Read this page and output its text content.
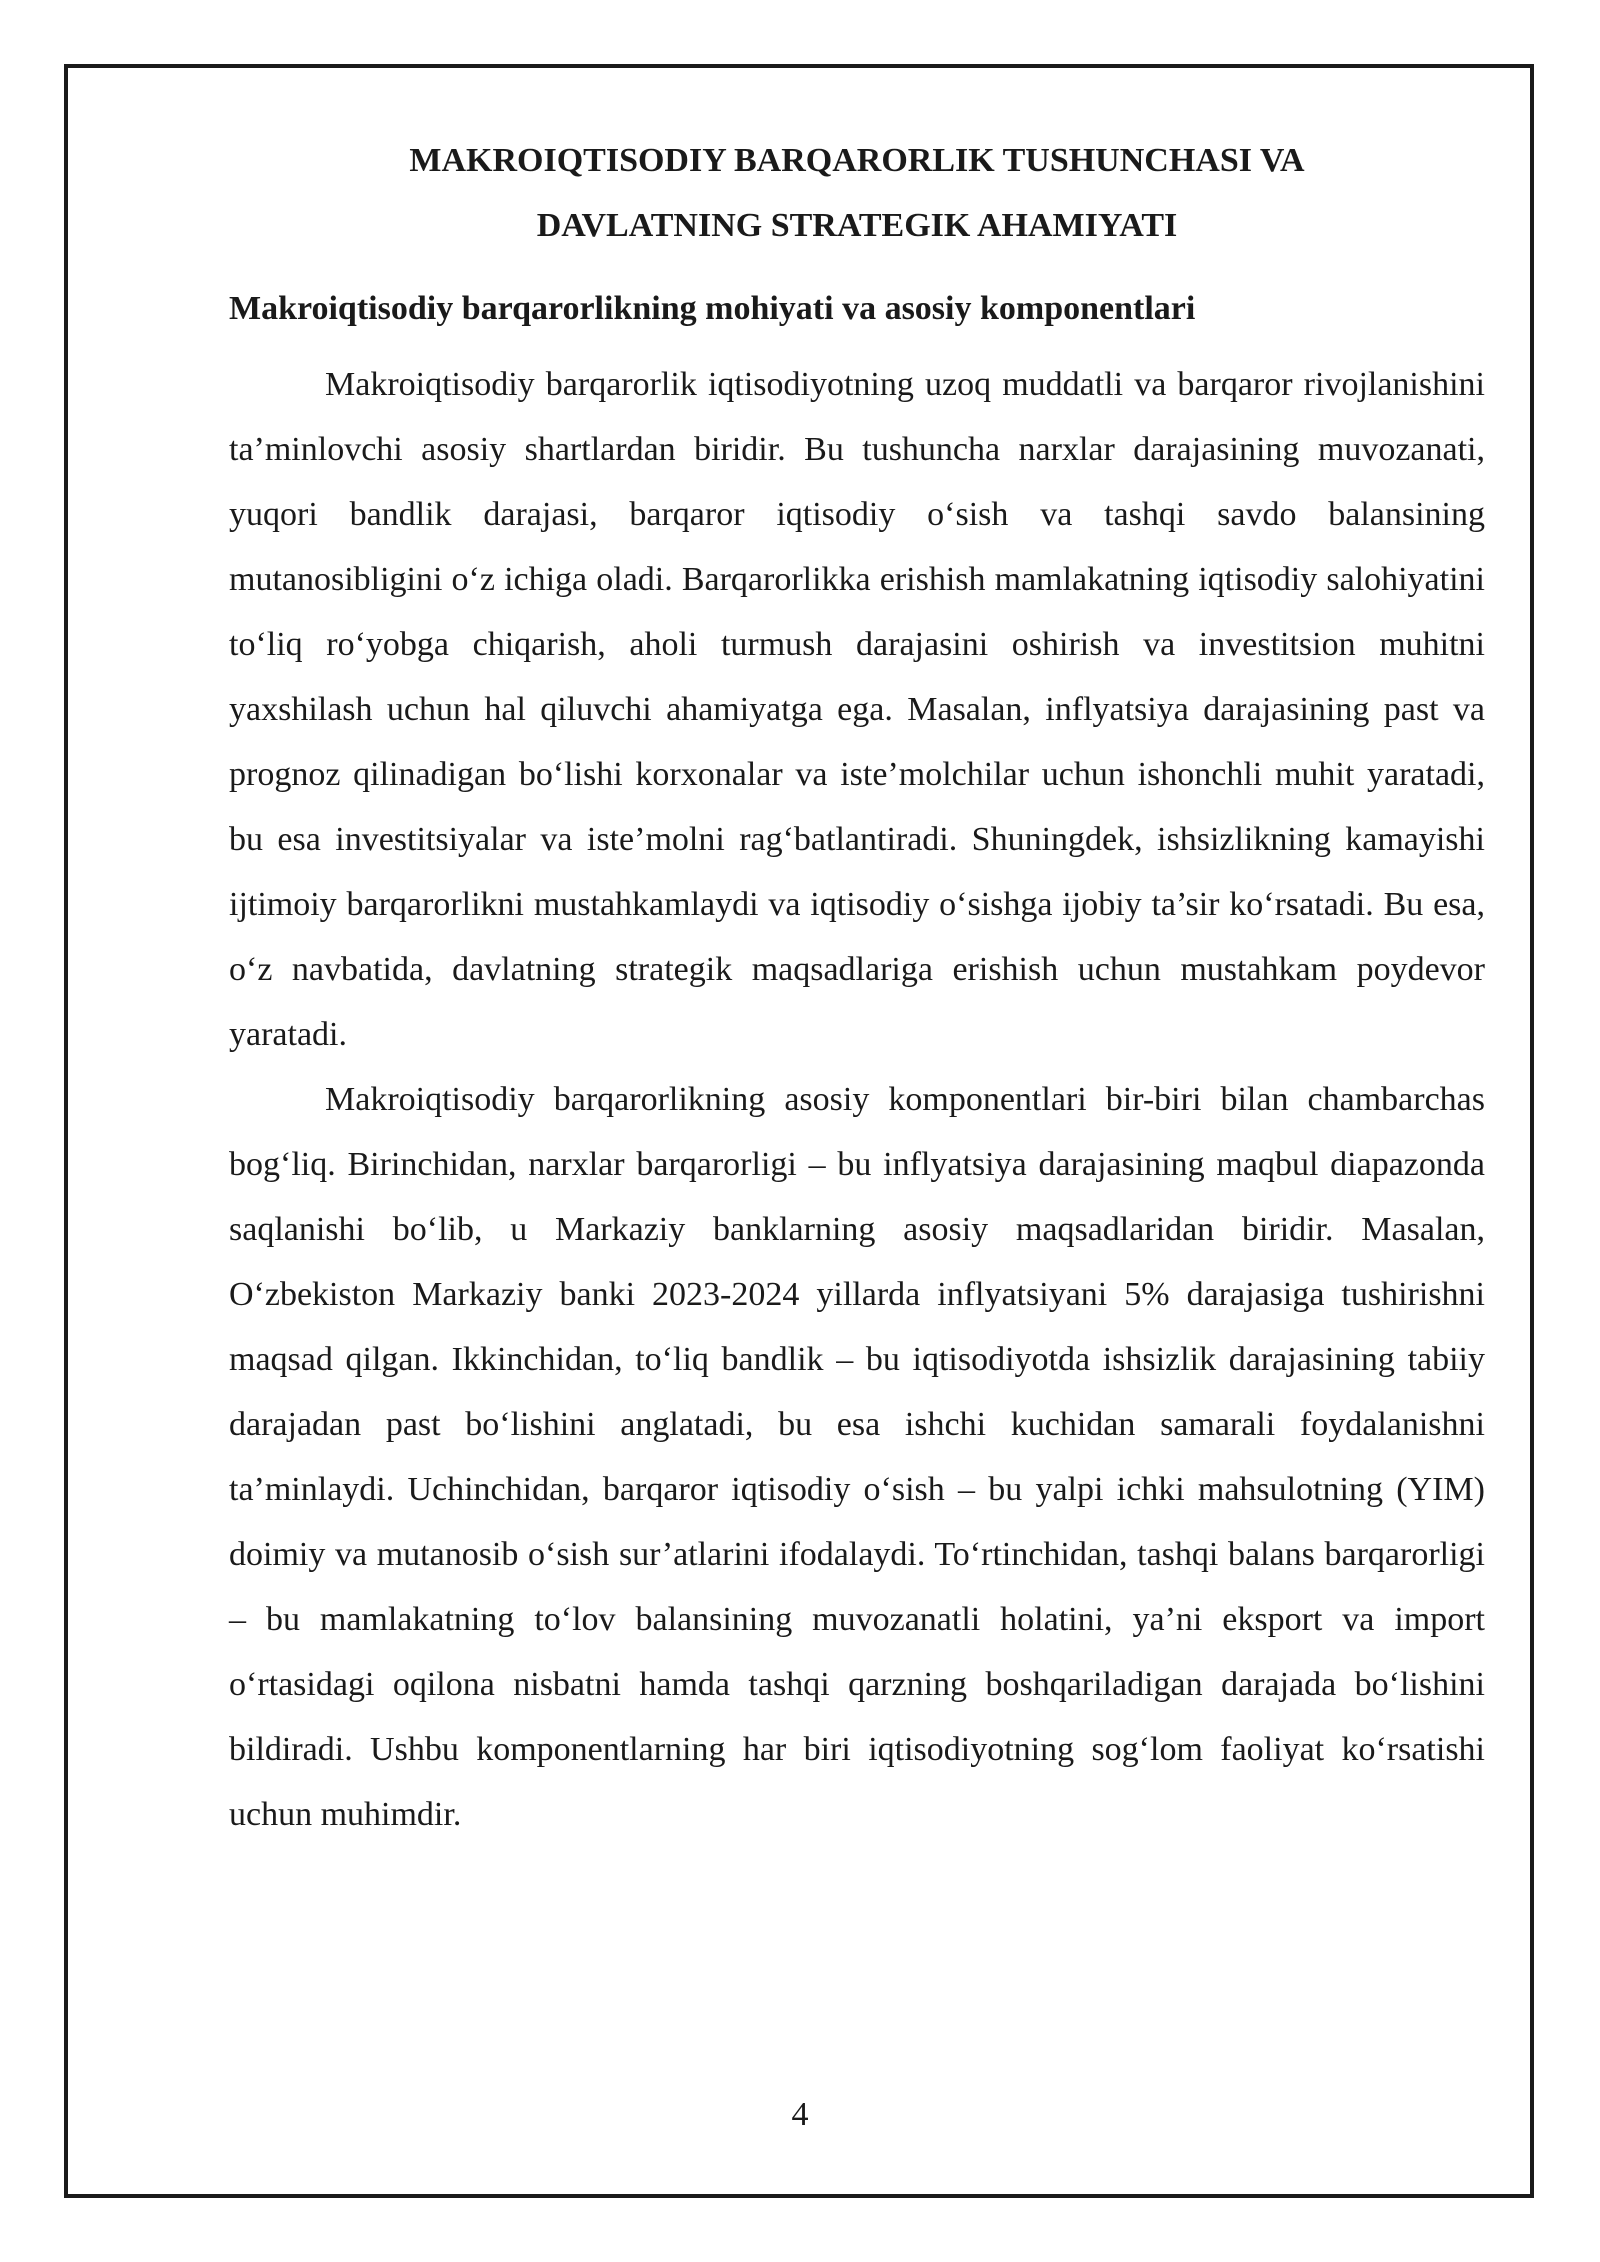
MAKROIQTISODIY BARQARORLIK TUSHUNCHASI VA
DAVLATNING STRATEGIK AHAMIYATI
Makroiqtisodiy barqarorlikning mohiyati va asosiy komponentlari

Makroiqtisodiy barqarorlik iqtisodiyotning uzoq muddatli va barqaror rivojlanishini ta’minlovchi asosiy shartlardan biridir. Bu tushuncha narxlar darajasining muvozanati, yuqori bandlik darajasi, barqaror iqtisodiy o‘sish va tashqi savdo balansining mutanosibligini o‘z ichiga oladi. Barqarorlikka erishish mamlakatning iqtisodiy salohiyatini to‘liq ro‘yobga chiqarish, aholi turmush darajasini oshirish va investitsion muhitni yaxshilash uchun hal qiluvchi ahamiyatga ega. Masalan, inflyatsiya darajasining past va prognoz qilinadigan bo‘lishi korxonalar va iste’molchilar uchun ishonchli muhit yaratadi, bu esa investitsiyalar va iste’molni rag‘batlantiradi. Shuningdek, ishsizlikning kamayishi ijtimoiy barqarorlikni mustahkamlaydi va iqtisodiy o‘sishga ijobiy ta’sir ko‘rsatadi. Bu esa, o‘z navbatida, davlatning strategik maqsadlariga erishish uchun mustahkam poydevor yaratadi.

Makroiqtisodiy barqarorlikning asosiy komponentlari bir-biri bilan chambarchas bog‘liq. Birinchidan, narxlar barqarorligi – bu inflyatsiya darajasining maqbul diapazonda saqlanishi bo‘lib, u Markaziy banklarning asosiy maqsadlaridan biridir. Masalan, O‘zbekiston Markaziy banki 2023-2024 yillarda inflyatsiyani 5% darajasiga tushirishni maqsad qilgan. Ikkinchidan, to‘liq bandlik – bu iqtisodiyotda ishsizlik darajasining tabiiy darajadan past bo‘lishini anglatadi, bu esa ishchi kuchidan samarali foydalanishni ta’minlaydi. Uchinchidan, barqaror iqtisodiy o‘sish – bu yalpi ichki mahsulotning (YIM) doimiy va mutanosib o‘sish sur’atlarini ifodalaydi. To‘rtinchidan, tashqi balans barqarorligi – bu mamlakatning to‘lov balansining muvozanatli holatini, ya’ni eksport va import o‘rtasidagi oqilona nisbatni hamda tashqi qarzning boshqariladigan darajada bo‘lishini bildiradi. Ushbu komponentlarning har biri iqtisodiyotning sog‘lom faoliyat ko‘rsatishi uchun muhimdir.

4
